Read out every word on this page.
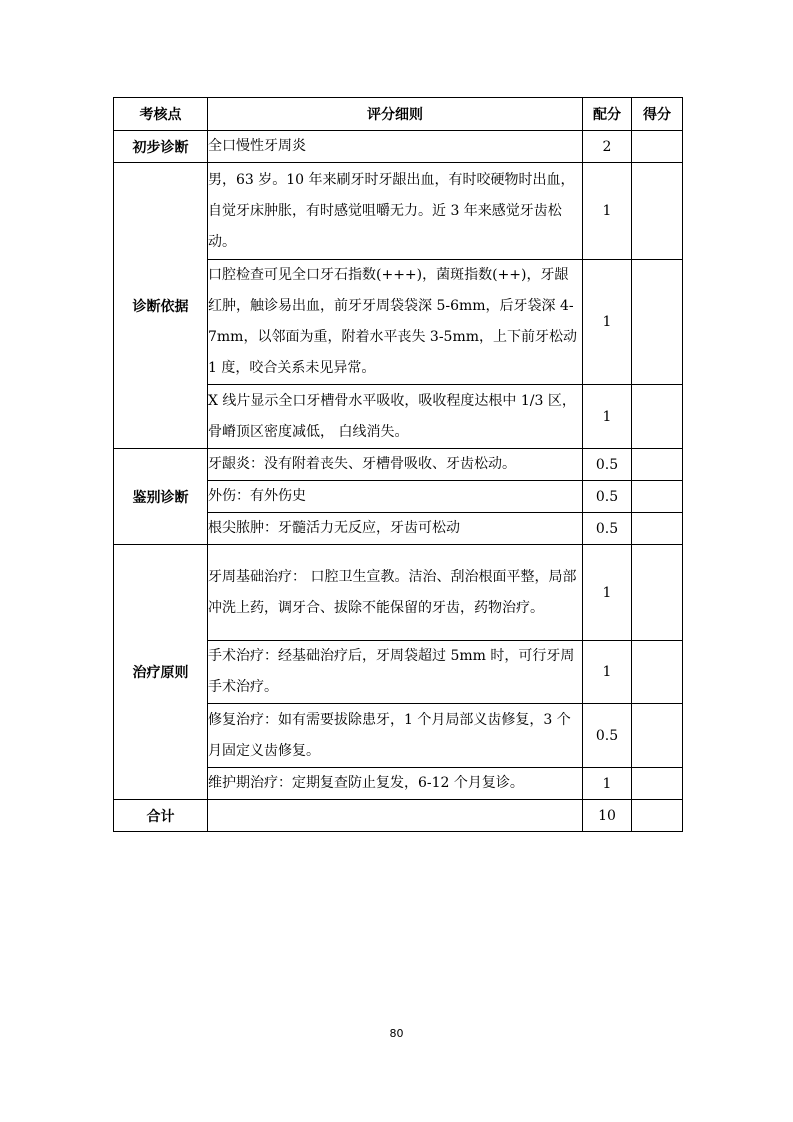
考核点	评分细则	配分	得分
初步诊断	全口慢性牙周炎	2	
诊断依据	男，63 岁。10 年来刷牙时牙龈出血，有时咬硬物时出血， 自觉牙床肿胀，有时感觉咀嚼无力。近 3 年来感觉牙齿松动。	1	
	口腔检查可见全口牙石指数(+++)，菌斑指数(++)，牙龈红肿，触诊易出血，前牙牙周袋袋深 5-6mm，后牙袋深 4-7mm，以邻面为重，附着水平丧失 3-5mm，上下前牙松动 1 度，咬合关系未见异常。	1	
	X 线片显示全口牙槽骨水平吸收，吸收程度达根中 1/3 区，骨嵴顶区密度减低， 白线消失。	1	
鉴别诊断	牙龈炎：没有附着丧失、牙槽骨吸收、牙齿松动。	0.5	
	外伤：有外伤史	0.5	
	根尖脓肿：牙髓活力无反应，牙齿可松动	0.5	
治疗原则	牙周基础治疗： 口腔卫生宣教。洁治、刮治根面平整，局部冲洗上药，调牙合、拔除不能保留的牙齿，药物治疗。	1	
	手术治疗：经基础治疗后，牙周袋超过 5mm 时，可行牙周手术治疗。	1	
	修复治疗：如有需要拔除患牙，1 个月局部义齿修复，3 个月固定义齿修复。	0.5	
	维护期治疗：定期复查防止复发，6-12 个月复诊。	1	
合计		10	
80
